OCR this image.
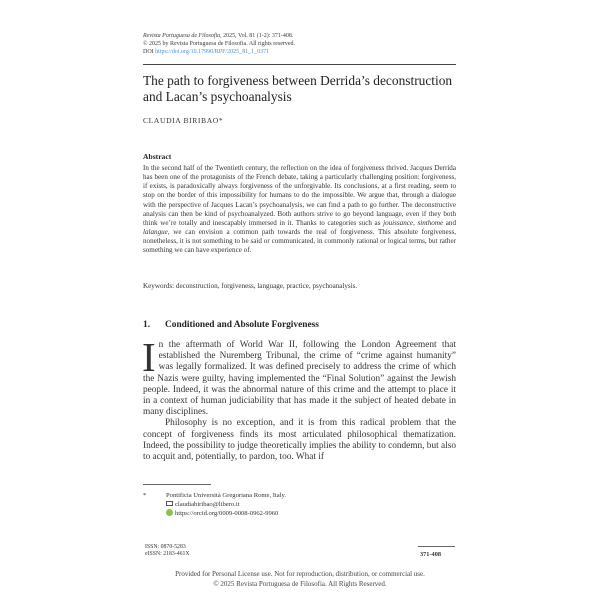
Revista Portuguesa de Filosofia, 2025, Vol. 81 (1-2): 371-408.
© 2025 by Revista Portuguesa de Filosofia. All rights reserved.
DOI https://doi.org/10.17990/RPF/2025_81_1_0371
The path to forgiveness between Derrida’s deconstruction
and Lacan’s psychoanalysis
CLAUDIA BIRIBAO*
Abstract
In the second half of the Twentieth century, the reflection on the idea of forgiveness thrived. Jacques Derrida has been one of the protagonists of the French debate, taking a particularly challenging position: forgiveness, if exists, is paradoxically always forgiveness of the unforgivable. Its conclusions, at a first reading, seem to stop on the border of this impossibility for humans to do the impossible. We argue that, through a dialogue with the perspective of Jacques Lacan’s psychoanalysis, we can find a path to go further. The deconstructive analysis can then be kind of psychoanalyzed. Both authors strive to go beyond language, even if they both think we’re totally and inescapably immersed in it. Thanks to categories such as jouissance, sinthome and lalangue, we can envision a common path towards the real of forgiveness. This absolute forgiveness, nonetheless, it is not something to be said or communicated, in commonly rational or logical terms, but rather something we can have experience of.
Keywords: deconstruction, forgiveness, language, practice, psychoanalysis.
1. Conditioned and Absolute Forgiveness

In the aftermath of World War II, following the London Agreement that established the Nuremberg Tribunal, the crime of “crime against humanity” was legally formalized. It was defined precisely to address the crime of which the Nazis were guilty, having implemented the “Final Solution” against the Jewish people. Indeed, it was the abnormal nature of this crime and the attempt to place it in a context of human judiciability that has made it the subject of heated debate in many disciplines.

Philosophy is no exception, and it is from this radical problem that the concept of forgiveness finds its most articulated philosophical thematization. Indeed, the possibility to judge theoretically implies the ability to condemn, but also to acquit and, potentially, to pardon, too. What if

*	Pontificia Università Gregoriana Rome, Italy.
claudiabiribao@libero.it
https://orcid.org/0009-0008-0962-9960
ISSN: 0870-5283
eISSN: 2183-461X	371-408
Provided for Personal License use. Not for reproduction, distribution, or commercial use.
© 2025 Revista Portuguesa de Filosofia. All Rights Reserved.
